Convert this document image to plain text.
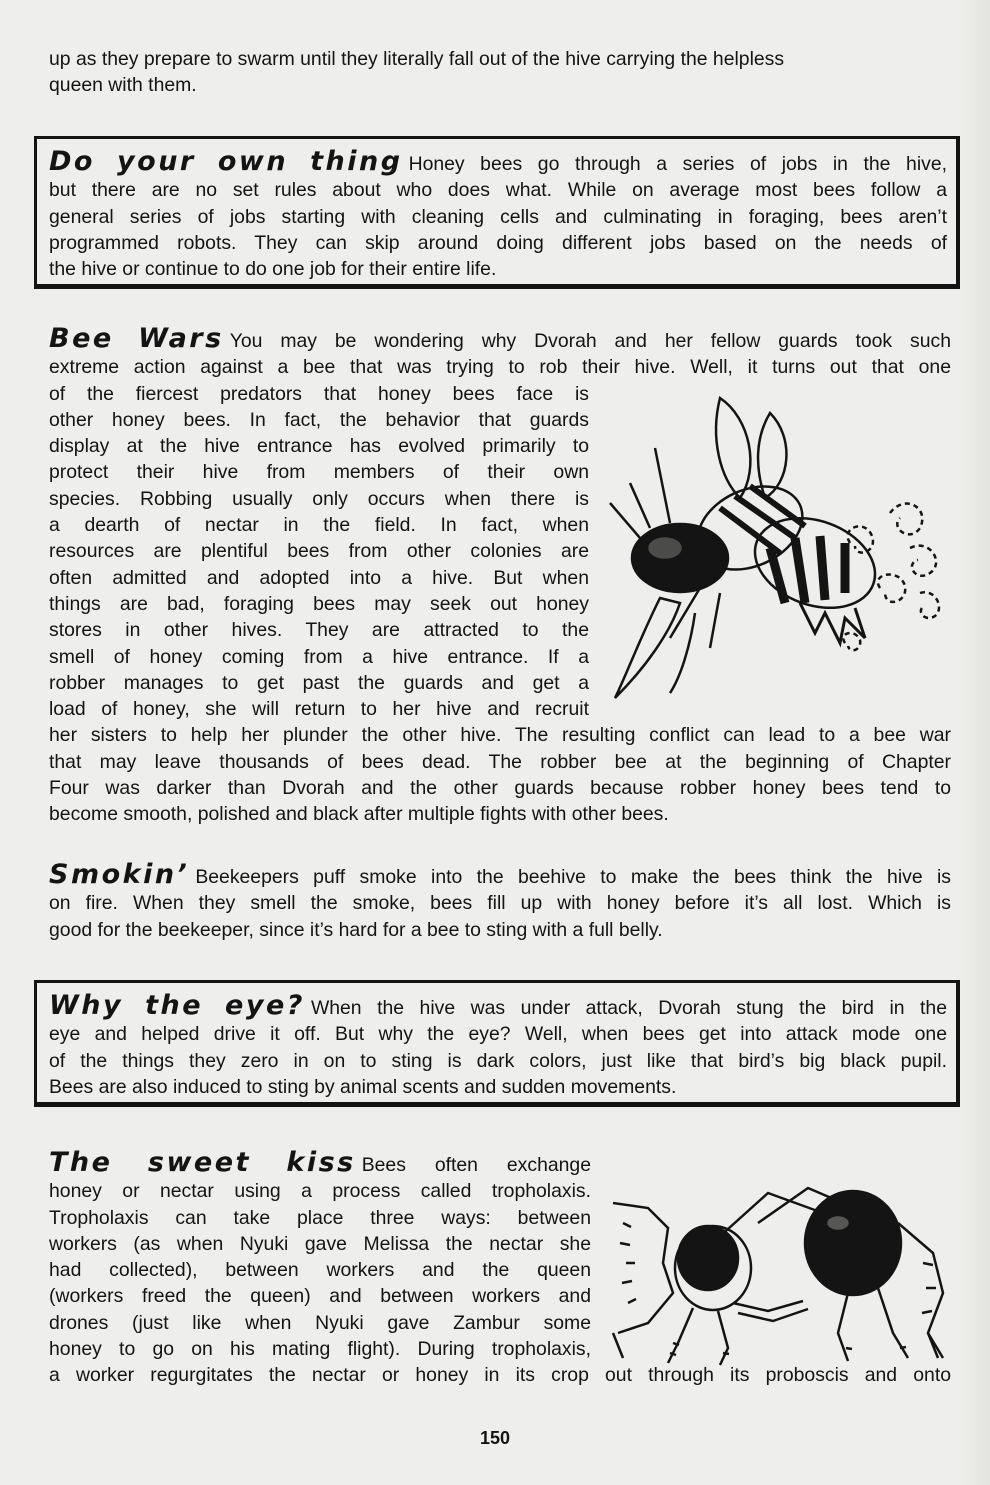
up as they prepare to swarm until they literally fall out of the hive carrying the helpless
queen with them.
Do your own thing Honey bees go through a series of jobs in the hive,
but there are no set rules about who does what. While on average most bees follow a
general series of jobs starting with cleaning cells and culminating in foraging, bees aren’t
programmed robots. They can skip around doing different jobs based on the needs of
the hive or continue to do one job for their entire life.
Bee Wars You may be wondering why Dvorah and her fellow guards took such
extreme action against a bee that was trying to rob their hive. Well, it turns out that one
of the fiercest predators that honey bees face is
other honey bees. In fact, the behavior that guards
display at the hive entrance has evolved primarily to
protect their hive from members of their own
species. Robbing usually only occurs when there is
a dearth of nectar in the field. In fact, when
resources are plentiful bees from other colonies are
often admitted and adopted into a hive. But when
things are bad, foraging bees may seek out honey
stores in other hives. They are attracted to the
smell of honey coming from a hive entrance. If a
robber manages to get past the guards and get a
load of honey, she will return to her hive and recruit
her sisters to help her plunder the other hive. The resulting conflict can lead to a bee war
that may leave thousands of bees dead. The robber bee at the beginning of Chapter
Four was darker than Dvorah and the other guards because robber honey bees tend to
become smooth, polished and black after multiple fights with other bees.
Smokin’ Beekeepers puff smoke into the beehive to make the bees think the hive is
on fire. When they smell the smoke, bees fill up with honey before it’s all lost. Which is
good for the beekeeper, since it’s hard for a bee to sting with a full belly.
Why the eye? When the hive was under attack, Dvorah stung the bird in the
eye and helped drive it off. But why the eye? Well, when bees get into attack mode one
of the things they zero in on to sting is dark colors, just like that bird’s big black pupil.
Bees are also induced to sting by animal scents and sudden movements.
The sweet kiss Bees often exchange
honey or nectar using a process called tropholaxis.
Tropholaxis can take place three ways: between
workers (as when Nyuki gave Melissa the nectar she
had collected), between workers and the queen
(workers freed the queen) and between workers and
drones (just like when Nyuki gave Zambur some
honey to go on his mating flight). During tropholaxis,
a worker regurgitates the nectar or honey in its crop out through its proboscis and onto
150
